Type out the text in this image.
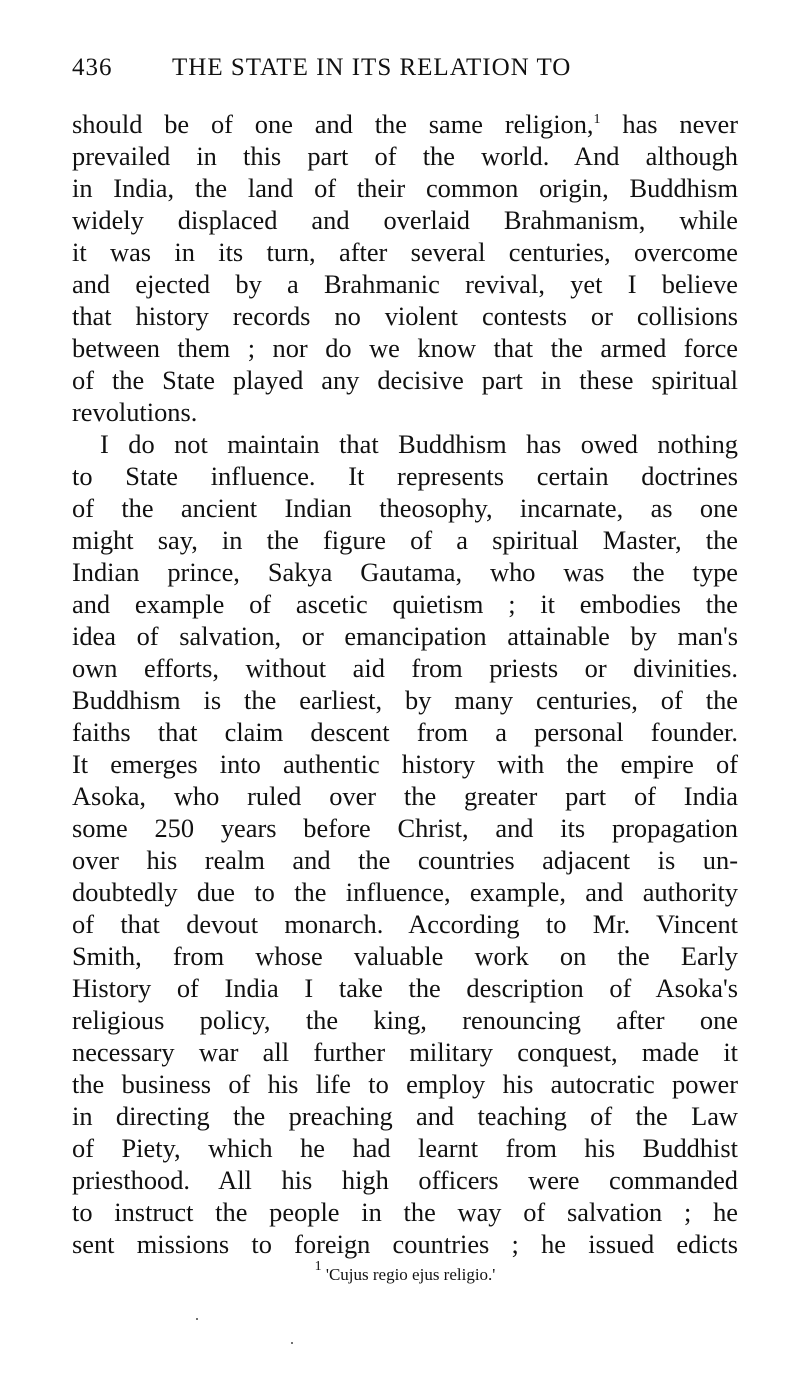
436 THE STATE IN ITS RELATION TO

should be of one and the same religion,$^1$ has never

prevailed in this part of the world. And although

in India, the land of their common origin, Buddhism

widely displaced and overlaid Brahmanism, while

it was in its turn, after several centuries, overcome

and ejected by a Brahmanic revival, yet I believe

that history records no violent contests or collisions

between them ; nor do we know that the armed force

of the State played any decisive part in these spiritual

revolutions.

I do not maintain that Buddhism has owed nothing

to State influence. It represents certain doctrines

of the ancient Indian theosophy, incarnate, as one

might say, in the figure of a spiritual Master, the

Indian prince, Sakya Gautama, who was the type

and example of ascetic quietism ; it embodies the

idea of salvation, or emancipation attainable by man's

own efforts, without aid from priests or divinities.

Buddhism is the earliest, by many centuries, of the

faiths that claim descent from a personal founder.

It emerges into authentic history with the empire of

Asoka, who ruled over the greater part of India

some 250 years before Christ, and its propagation

over his realm and the countries adjacent is un-

doubtedly due to the influence, example, and authority

of that devout monarch. According to Mr. Vincent

Smith, from whose valuable work on the Early

History of India I take the description of Asoka's

religious policy, the king, renouncing after one

necessary war all further military conquest, made it

the business of his life to employ his autocratic power

in directing the preaching and teaching of the Law

of Piety, which he had learnt from his Buddhist

priesthood. All his high officers were commanded

to instruct the people in the way of salvation ; he

sent missions to foreign countries ; he issued edicts

$^1$ 'Cujus regio ejus religio.'
